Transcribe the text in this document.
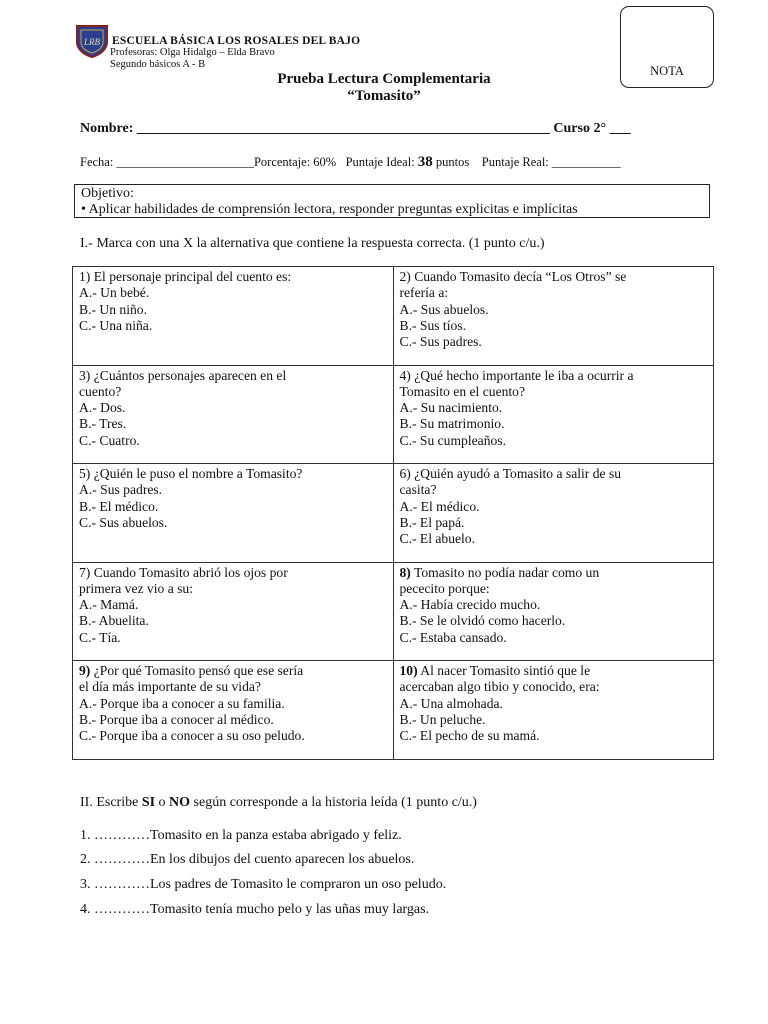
LRB ESCUELA BÁSICA LOS ROSALES DEL BAJO
Profesoras: Olga Hidalgo – Elda Bravo
Segundo básicos A - B	NOTA
Prueba Lectura Complementaria
“Tomasito”
Nombre: ___________________________________________________________ Curso 2° ___
Fecha: ______________________Porcentaje: 60% Puntaje Ideal: 38 puntos Puntaje Real: ___________
Objetivo:
• Aplicar habilidades de comprensión lectora, responder preguntas explicitas e implícitas
I.- Marca con una X la alternativa que contiene la respuesta correcta. (1 punto c/u.)
1) El personaje principal del cuento es:
A.- Un bebé.
B.- Un niño.
C.- Una niña.	2) Cuando Tomasito decía “Los Otros” se
refería a:
A.- Sus abuelos.
B.- Sus tíos.
C.- Sus padres.

3) ¿Cuántos personajes aparecen en el
cuento?
A.- Dos.
B.- Tres.
C.- Cuatro.	4) ¿Qué hecho importante le iba a ocurrir a
Tomasito en el cuento?
A.- Su nacimiento.
B.- Su matrimonio.
C.- Su cumpleaños.

5) ¿Quién le puso el nombre a Tomasito?
A.- Sus padres.
B.- El médico.
C.- Sus abuelos.	6) ¿Quién ayudó a Tomasito a salir de su
casita?
A.- El médico.
B.- El papá.
C.- El abuelo.

7) Cuando Tomasito abrió los ojos por
primera vez vio a su:
A.- Mamá.
B.- Abuelita.
C.- Tía.	8) Tomasito no podía nadar como un
pececito porque:
A.- Había crecido mucho.
B.- Se le olvidó como hacerlo.
C.- Estaba cansado.

9) ¿Por qué Tomasito pensó que ese sería
el día más importante de su vida?
A.- Porque iba a conocer a su familia.
B.- Porque iba a conocer al médico.
C.- Porque iba a conocer a su oso peludo.	10) Al nacer Tomasito sintió que le
acercaban algo tibio y conocido, era:
A.- Una almohada.
B.- Un peluche.
C.- El pecho de su mamá.
II. Escribe SI o NO según corresponde a la historia leída (1 punto c/u.)
1. …………Tomasito en la panza estaba abrigado y feliz.
2. …………En los dibujos del cuento aparecen los abuelos.
3. …………Los padres de Tomasito le compraron un oso peludo.
4. …………Tomasito tenía mucho pelo y las uñas muy largas.
